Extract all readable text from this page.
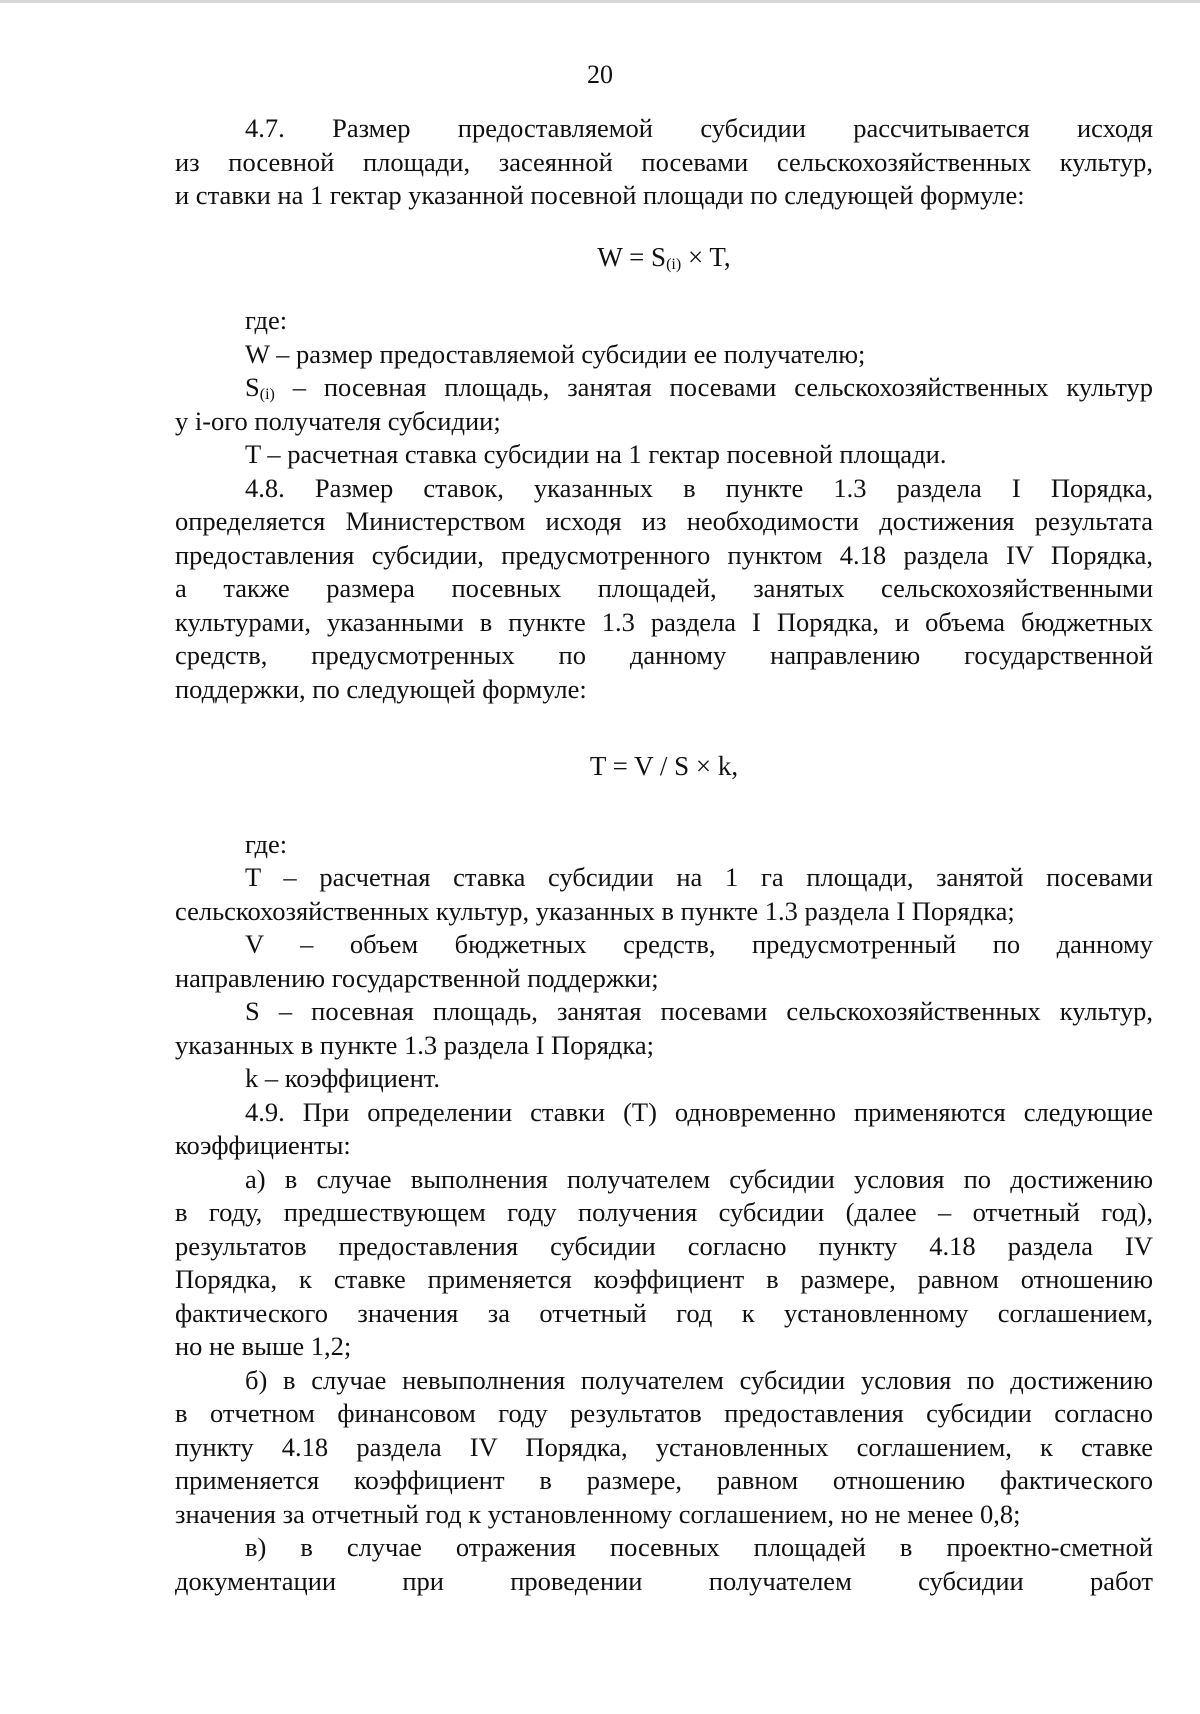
20

4.7. Размер предоставляемой субсидии рассчитывается исходя

из посевной площади, засеянной посевами сельскохозяйственных культур,

и ставки на 1 гектар указанной посевной площади по следующей формуле:

$W = S_{(i)} \times T$,

где:

W – размер предоставляемой субсидии ее получателю;

$S_{(i)}$ – посевная площадь, занятая посевами сельскохозяйственных культур

у i-ого получателя субсидии;

T – расчетная ставка субсидии на 1 гектар посевной площади.

4.8. Размер ставок, указанных в пункте 1.3 раздела I Порядка,

определяется Министерством исходя из необходимости достижения результата

предоставления субсидии, предусмотренного пунктом 4.18 раздела IV Порядка,

а также размера посевных площадей, занятых сельскохозяйственными

культурами, указанными в пункте 1.3 раздела I Порядка, и объема бюджетных

средств, предусмотренных по данному направлению государственной

поддержки, по следующей формуле:

T = V / S × k,

где:

T – расчетная ставка субсидии на 1 га площади, занятой посевами

сельскохозяйственных культур, указанных в пункте 1.3 раздела I Порядка;

V – объем бюджетных средств, предусмотренный по данному

направлению государственной поддержки;

S – посевная площадь, занятая посевами сельскохозяйственных культур,

указанных в пункте 1.3 раздела I Порядка;

k – коэффициент.

4.9. При определении ставки (Т) одновременно применяются следующие

коэффициенты:

а) в случае выполнения получателем субсидии условия по достижению

в году, предшествующем году получения субсидии (далее – отчетный год),

результатов предоставления субсидии согласно пункту 4.18 раздела IV

Порядка, к ставке применяется коэффициент в размере, равном отношению

фактического значения за отчетный год к установленному соглашением,

но не выше 1,2;

б) в случае невыполнения получателем субсидии условия по достижению

в отчетном финансовом году результатов предоставления субсидии согласно

пункту 4.18 раздела IV Порядка, установленных соглашением, к ставке

применяется коэффициент в размере, равном отношению фактического

значения за отчетный год к установленному соглашением, но не менее 0,8;

в) в случае отражения посевных площадей в проектно-сметной

документации при проведении получателем субсидии работ
